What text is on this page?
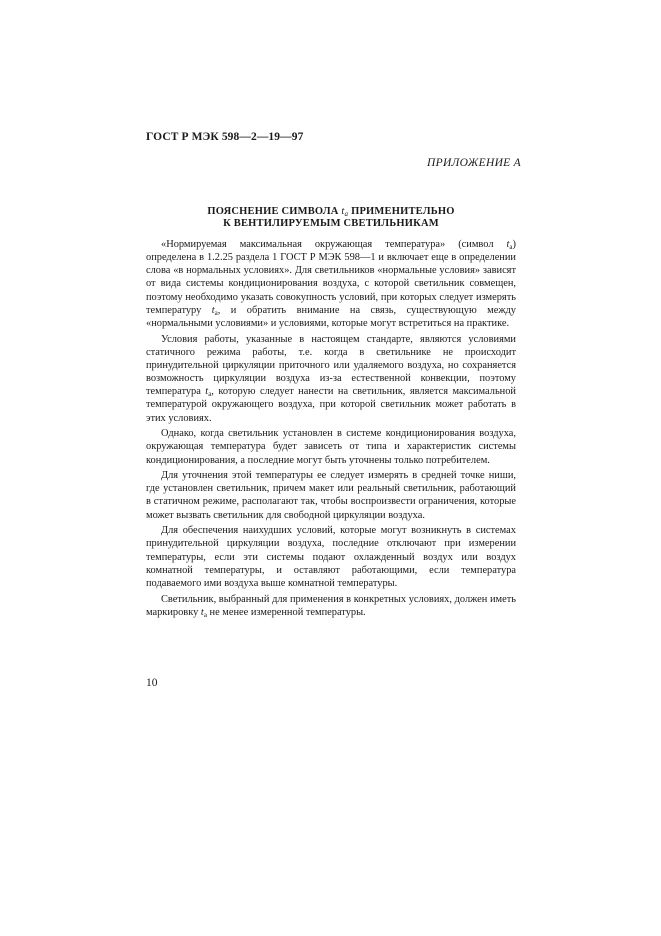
ГОСТ Р МЭК 598—2—19—97
ПРИЛОЖЕНИЕ А
ПОЯСНЕНИЕ СИМВОЛА $t_а$ ПРИМЕНИТЕЛЬНО
К ВЕНТИЛИРУЕМЫМ СВЕТИЛЬНИКАМ

«Нормируемая максимальная окружающая температура» (символ $t_a$) определена в 1.2.25 раздела 1 ГОСТ Р МЭК 598—1 и включает еще в определении слова «в нормальных условиях». Для светильников «нормальные условия» зависят от вида системы кондиционирования воздуха, с которой светильник совмещен, поэтому необходимо указать совокупность условий, при которых следует измерять температуру $t_a$, и обратить внимание на связь, существующую между «нормальными условиями» и условиями, которые могут встретиться на практике.

Условия работы, указанные в настоящем стандарте, являются условиями статичного режима работы, т.е. когда в светильнике не происходит принудительной циркуляции приточного или удаляемого воздуха, но сохраняется возможность циркуляции воздуха из-за естественной конвекции, поэтому температура $t_a$, которую следует нанести на светильник, является максимальной температурой окружающего воздуха, при которой светильник может работать в этих условиях.

Однако, когда светильник установлен в системе кондиционирования воздуха, окружающая температура будет зависеть от типа и характеристик системы кондиционирования, а последние могут быть уточнены только потребителем.

Для уточнения этой температуры ее следует измерять в средней точке ниши, где установлен светильник, причем макет или реальный светильник, работающий в статичном режиме, располагают так, чтобы воспроизвести ограничения, которые может вызвать светильник для свободной циркуляции воздуха.

Для обеспечения наихудших условий, которые могут возникнуть в системах принудительной циркуляции воздуха, последние отключают при измерении температуры, если эти системы подают охлажденный воздух или воздух комнатной температуры, и оставляют работающими, если температура подаваемого ими воздуха выше комнатной температуры.

Светильник, выбранный для применения в конкретных условиях, должен иметь маркировку $t_a$ не менее измеренной температуры.

10
